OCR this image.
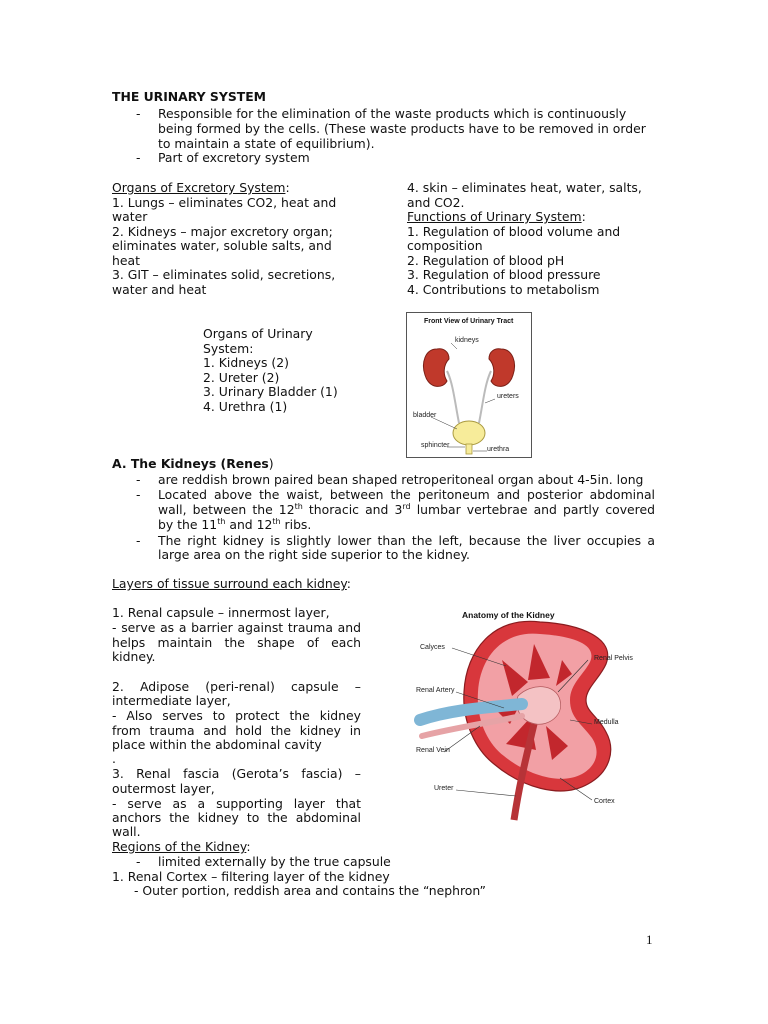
THE URINARY SYSTEM
- Responsible for the elimination of the waste products which is continuously
being formed by the cells. (These waste products have to be removed in order
to maintain a state of equilibrium).
- Part of excretory system
Organs of Excretory System:
1. Lungs – eliminates CO2, heat and
water
2. Kidneys – major excretory organ;
eliminates water, soluble salts, and
heat
3. GIT – eliminates solid, secretions,
water and heat
4. skin – eliminates heat, water, salts,
and CO2.
Functions of Urinary System:
1. Regulation of blood volume and
composition
2. Regulation of blood pH
3. Regulation of blood pressure
4. Contributions to metabolism
Organs of Urinary
System:
1. Kidneys (2)
2. Ureter (2)
3. Urinary Bladder (1)
4. Urethra (1)
Front View of Urinary Tract
kidneys
ureters
bladder
sphincter
urethra
A. The Kidneys (Renes)
- are reddish brown paired bean shaped retroperitoneal organ about 4-5in. long
- Located above the waist, between the peritoneum and posterior abdominal
wall, between the 12th thoracic and 3rd lumbar vertebrae and partly covered
by the 11th and 12th ribs.
- The right kidney is slightly lower than the left, because the liver occupies a
large area on the right side superior to the kidney.
Layers of tissue surround each kidney:
1. Renal capsule – innermost layer,
- serve as a barrier against trauma and
helps maintain the shape of each
kidney.
2. Adipose (peri-renal) capsule –
intermediate layer,
- Also serves to protect the kidney
from trauma and hold the kidney in
place within the abdominal cavity
.
3. Renal fascia (Gerota’s fascia) –
outermost layer,
- serve as a supporting layer that
anchors the kidney to the abdominal
wall.
Anatomy of the Kidney
Calyces
Renal Pelvis
Renal Artery
Medulla
Renal Vein
Ureter
Cortex
Regions of the Kidney:
- limited externally by the true capsule
1. Renal Cortex – filtering layer of the kidney
- Outer portion, reddish area and contains the “nephron”
1
